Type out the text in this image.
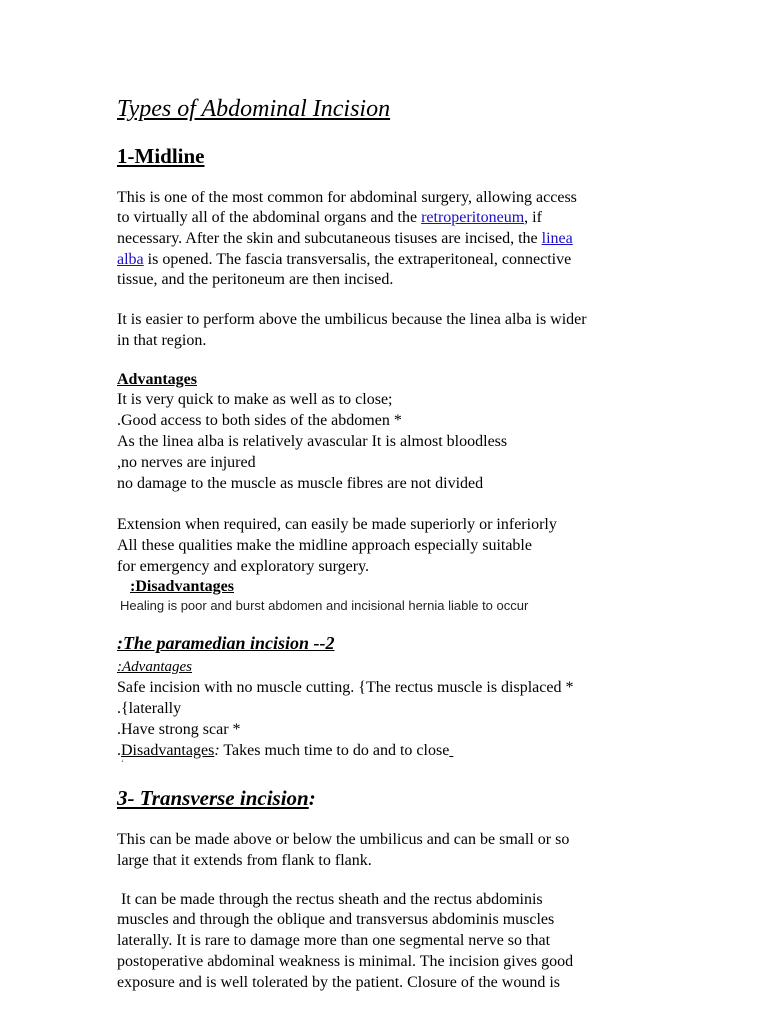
Types of Abdominal Incision
1-Midline

This is one of the most common for abdominal surgery, allowing access

to virtually all of the abdominal organs and the retroperitoneum, if

necessary. After the skin and subcutaneous tisuses are incised, the linea

alba is opened. The fascia transversalis, the extraperitoneal, connective

tissue, and the peritoneum are then incised.

It is easier to perform above the umbilicus because the linea alba is wider

in that region.

Advantages

It is very quick to make as well as to close;

.Good access to both sides of the abdomen *

As the linea alba is relatively avascular It is almost bloodless

,no nerves are injured

no damage to the muscle as muscle fibres are not divided

Extension when required, can easily be made superiorly or inferiorly

All these qualities make the midline approach especially suitable

for emergency and exploratory surgery.

:Disadvantages

Healing is poor and burst abdomen and incisional hernia liable to occur

:The paramedian incision --2

:Advantages

Safe incision with no muscle cutting. {The rectus muscle is displaced *

.{laterally

.Have strong scar *

.Disadvantages: Takes much time to do and to close

‘
3- Transverse incision:

This can be made above or below the umbilicus and can be small or so

large that it extends from flank to flank.

It can be made through the rectus sheath and the rectus abdominis

muscles and through the oblique and transversus abdominis muscles

laterally. It is rare to damage more than one segmental nerve so that

postoperative abdominal weakness is minimal. The incision gives good

exposure and is well tolerated by the patient. Closure of the wound is
